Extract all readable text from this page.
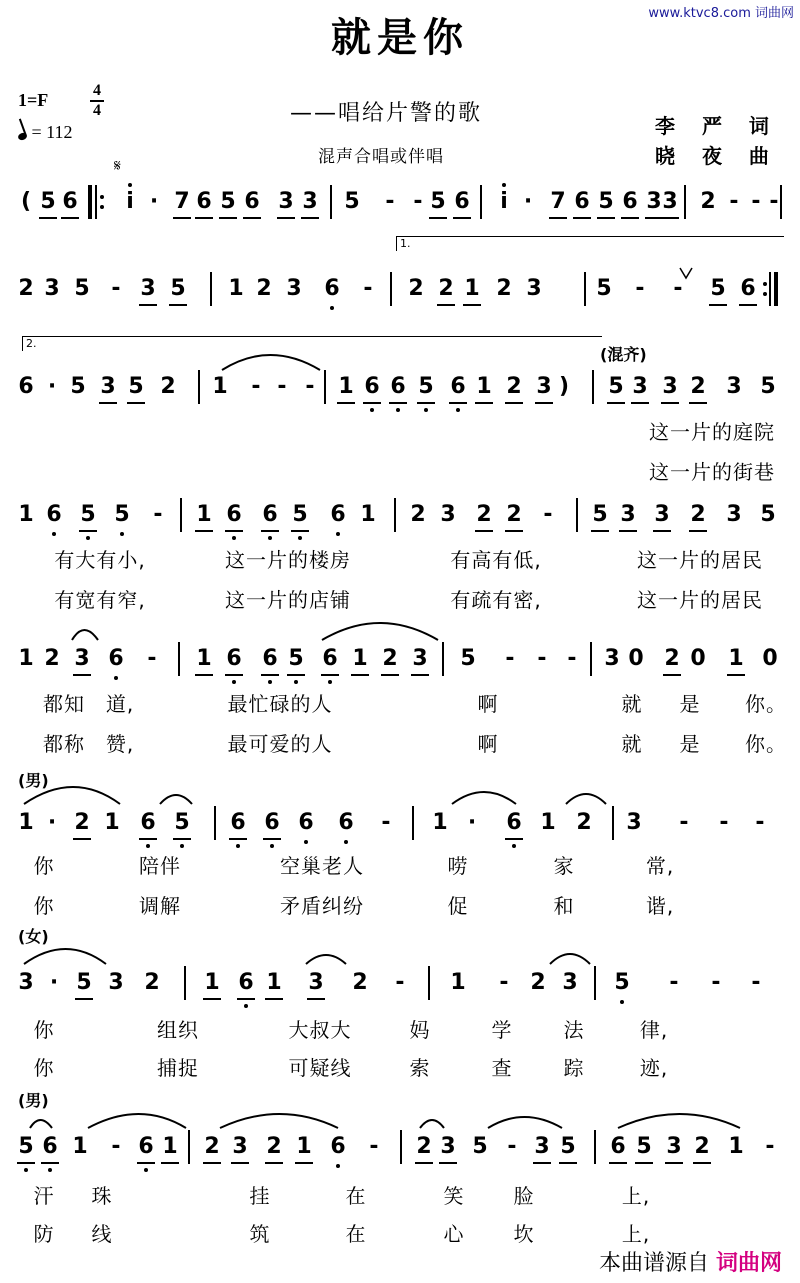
www.ktvc8.com 词曲网
就是你
1=F	4
4
= 112
——唱给片警的歌
混声合唱或伴唱
李 严 词
晓 夜 曲
𝄋
1.
2.
(混齐)
(男)
(女)
(男)
( 5 6 i · 7 6 5 6 3 3 5 - - 5 6 i · 7 6 5 6 3 3 2 - - -
2 3 5 - 3 5 1 2 3 6 - 2 2 1 2 3 5 - - 5 6
6 · 5 3 5 2 1 - - - 1 6 6 5 6 1 2 3 ) 5 3 3 2 3 5
1 6 5 5 - 1 6 6 5 6 1 2 3 2 2 - 5 3 3 2 3 5
1 2 3 6 - 1 6 6 5 6 1 2 3 5 - - - 3 0 2 0 1 0
1 · 2 1 6 5 6 6 6 6 - 1 · 6 1 2 3 - - -
3 · 5 3 2 1 6 1 3 2 - 1 - 2 3 5 - - -
5 6 1 - 6 1 2 3 2 1 6 - 2 3 5 - 3 5 6 5 3 2 1 -
这一片的庭院
这一片的街巷
有大有小,	这一片的楼房	有高有低,	这一片的居民
有宽有窄,	这一片的店铺	有疏有密,	这一片的居民
都知 道,	最忙碌的人	啊	就 是 你。
都称 赞,	最可爱的人	啊	就 是 你。
你	陪伴	空巢老人	唠	家	常,
你	调解	矛盾纠纷	促	和	谐,
你	组织	大叔大	妈	学	法	律,
你	捕捉	可疑线	索	查	踪	迹,
汗 珠	挂	在	笑 脸	上,
防 线	筑	在	心 坎	上,
本曲谱源自 词曲网
